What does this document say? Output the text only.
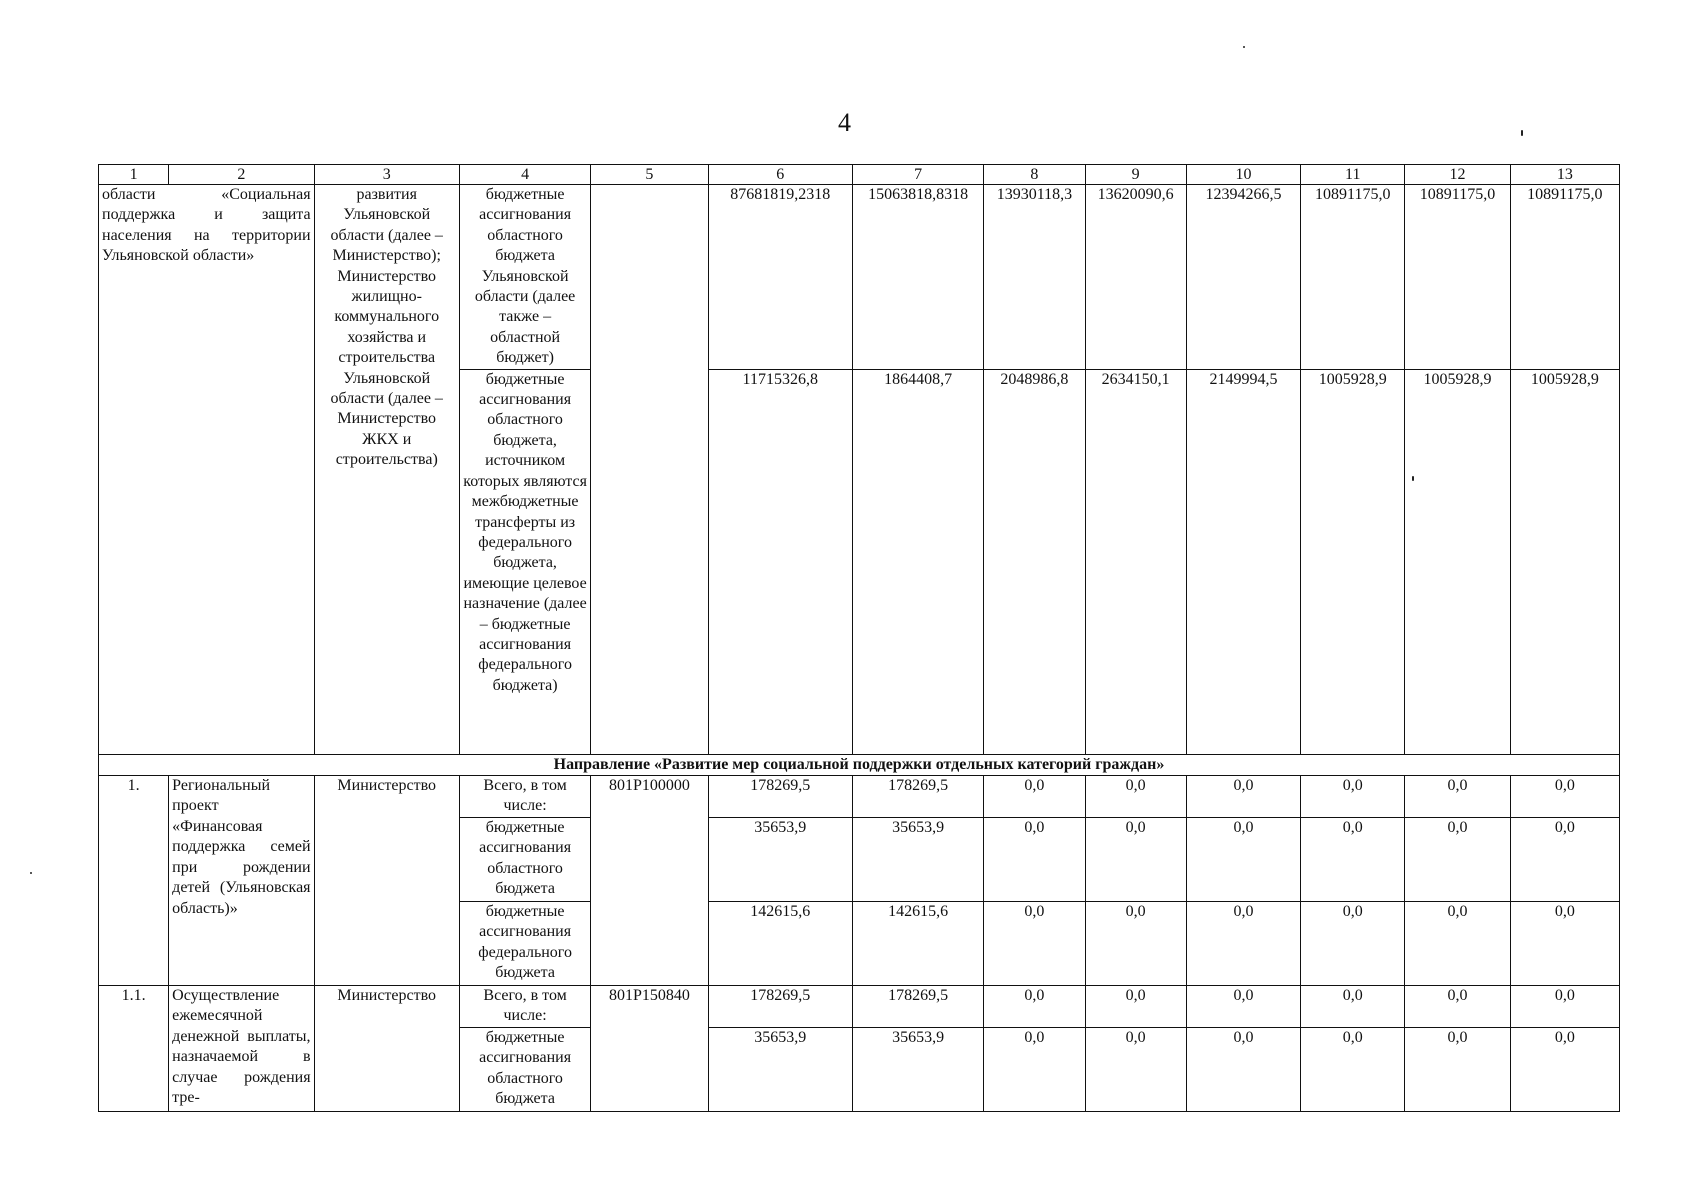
4
1	2	3	4	5	6	7	8	9	10	11	12	13
области «Социальная поддержка и защита населения на территории Ульяновской области»		развития Ульяновской области (далее – Министерство); Министерство жилищно-коммунального хозяйства и строительства Ульяновской области (далее – Министерство ЖКХ и строительства)	бюджетные ассигнования областного бюджета Ульяновской области (далее также – областной бюджет)		87681819,2318	15063818,8318	13930118,3	13620090,6	12394266,5	10891175,0	10891175,0	10891175,0
			бюджетные ассигнования областного бюджета, источником которых являются межбюджетные трансферты из федерального бюджета, имеющие целевое назначение (далее – бюджетные ассигнования федерального бюджета)		11715326,8	1864408,7	2048986,8	2634150,1	2149994,5	1005928,9	1005928,9	1005928,9
Направление «Развитие мер социальной поддержки отдельных категорий граждан»												
1.	Региональный проект «Финансовая поддержка семей при рождении детей (Ульяновская область)»	Министерство	Всего, в том числе:	801P100000	178269,5	178269,5	0,0	0,0	0,0	0,0	0,0	0,0
			бюджетные ассигнования областного бюджета		35653,9	35653,9	0,0	0,0	0,0	0,0	0,0	0,0
			бюджетные ассигнования федерального бюджета		142615,6	142615,6	0,0	0,0	0,0	0,0	0,0	0,0
1.1.	Осуществление ежемесячной денежной выплаты, назначаемой в случае рождения тре-	Министерство	Всего, в том числе:	801P150840	178269,5	178269,5	0,0	0,0	0,0	0,0	0,0	0,0
			бюджетные ассигнования областного бюджета		35653,9	35653,9	0,0	0,0	0,0	0,0	0,0	0,0
